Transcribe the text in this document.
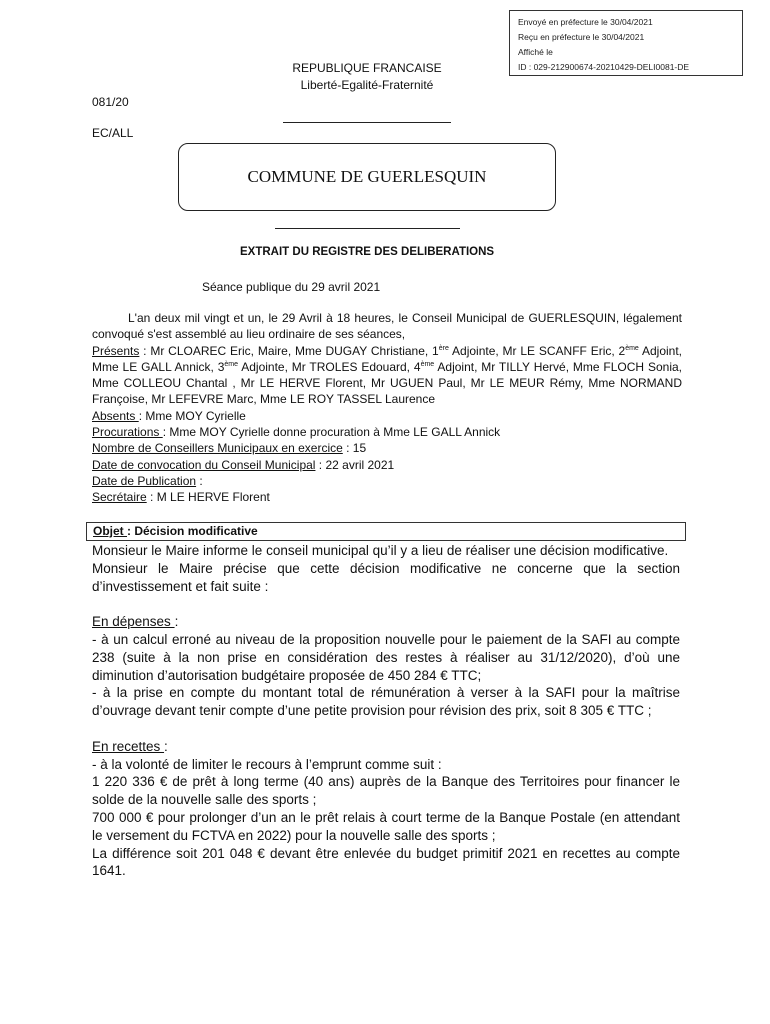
Envoyé en préfecture le 30/04/2021
Reçu en préfecture le 30/04/2021
Affiché le
ID : 029-212900674-20210429-DELI0081-DE
REPUBLIQUE FRANCAISE
Liberté-Egalité-Fraternité
081/20
EC/ALL
COMMUNE DE GUERLESQUIN
EXTRAIT DU REGISTRE DES DELIBERATIONS
Séance publique du 29 avril 2021

L'an deux mil vingt et un, le 29 Avril à 18 heures, le Conseil Municipal de GUERLESQUIN, légalement convoqué s'est assemblé au lieu ordinaire de ses séances,

Présents : Mr CLOAREC Eric, Maire, Mme DUGAY Christiane, 1ère Adjointe, Mr LE SCANFF Eric, 2ème Adjoint, Mme LE GALL Annick, 3ème Adjointe, Mr TROLES Edouard, 4ème Adjoint, Mr TILLY Hervé, Mme FLOCH Sonia, Mme COLLEOU Chantal , Mr LE HERVE Florent, Mr UGUEN Paul, Mr LE MEUR Rémy, Mme NORMAND Françoise, Mr LEFEVRE Marc, Mme LE ROY TASSEL Laurence

Absents : Mme MOY Cyrielle

Procurations : Mme MOY Cyrielle donne procuration à Mme LE GALL Annick

Nombre de Conseillers Municipaux en exercice : 15

Date de convocation du Conseil Municipal : 22 avril 2021

Date de Publication :

Secrétaire : M LE HERVE Florent

Objet : Décision modificative

Monsieur le Maire informe le conseil municipal qu’il y a lieu de réaliser une décision modificative.

Monsieur le Maire précise que cette décision modificative ne concerne que la section d’investissement et fait suite :

En dépenses :

- à un calcul erroné au niveau de la proposition nouvelle pour le paiement de la SAFI au compte 238 (suite à la non prise en considération des restes à réaliser au 31/12/2020), d’où une diminution d’autorisation budgétaire proposée de 450 284 € TTC;

- à la prise en compte du montant total de rémunération à verser à la SAFI pour la maîtrise d’ouvrage devant tenir compte d’une petite provision pour révision des prix, soit 8 305 € TTC ;

En recettes :

- à la volonté de limiter le recours à l’emprunt comme suit :

1 220 336 € de prêt à long terme (40 ans) auprès de la Banque des Territoires pour financer le solde de la nouvelle salle des sports ;

700 000 € pour prolonger d’un an le prêt relais à court terme de la Banque Postale (en attendant le versement du FCTVA en 2022) pour la nouvelle salle des sports ;

La différence soit 201 048 € devant être enlevée du budget primitif 2021 en recettes au compte 1641.
